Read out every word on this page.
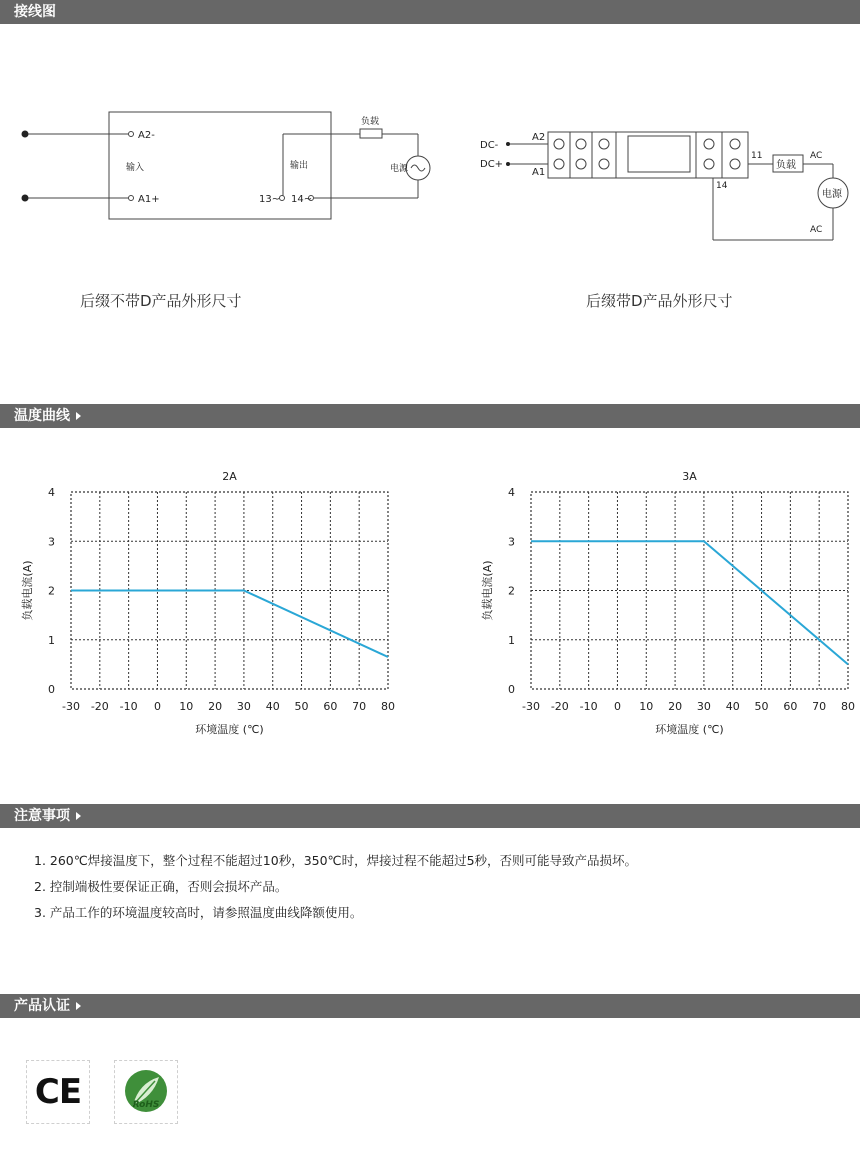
接线图
A2-
A1+
输入	输出
13~ 14~
负载
电源
DC-
DC+
A2
A1
11
14
负载
AC
AC
电源
后缀不带D产品外形尺寸	后缀带D产品外形尺寸
温度曲线
-30 -20 -10 0 10 20 30 40 50 60 70 80
0
1
2
3
4
2A
环境温度 (℃)
负载电流(A)
-30 -20 -10 0 10 20 30 40 50 60 70 80
0
1
2
3
4
3A
环境温度 (℃)
负载电流(A)
注意事项
1. 260℃焊接温度下，整个过程不能超过10秒，350℃时，焊接过程不能超过5秒，否则可能导致产品损坏。
2. 控制端极性要保证正确，否则会损坏产品。
3. 产品工作的环境温度较高时，请参照温度曲线降额使用。
产品认证
CE	RoHS
